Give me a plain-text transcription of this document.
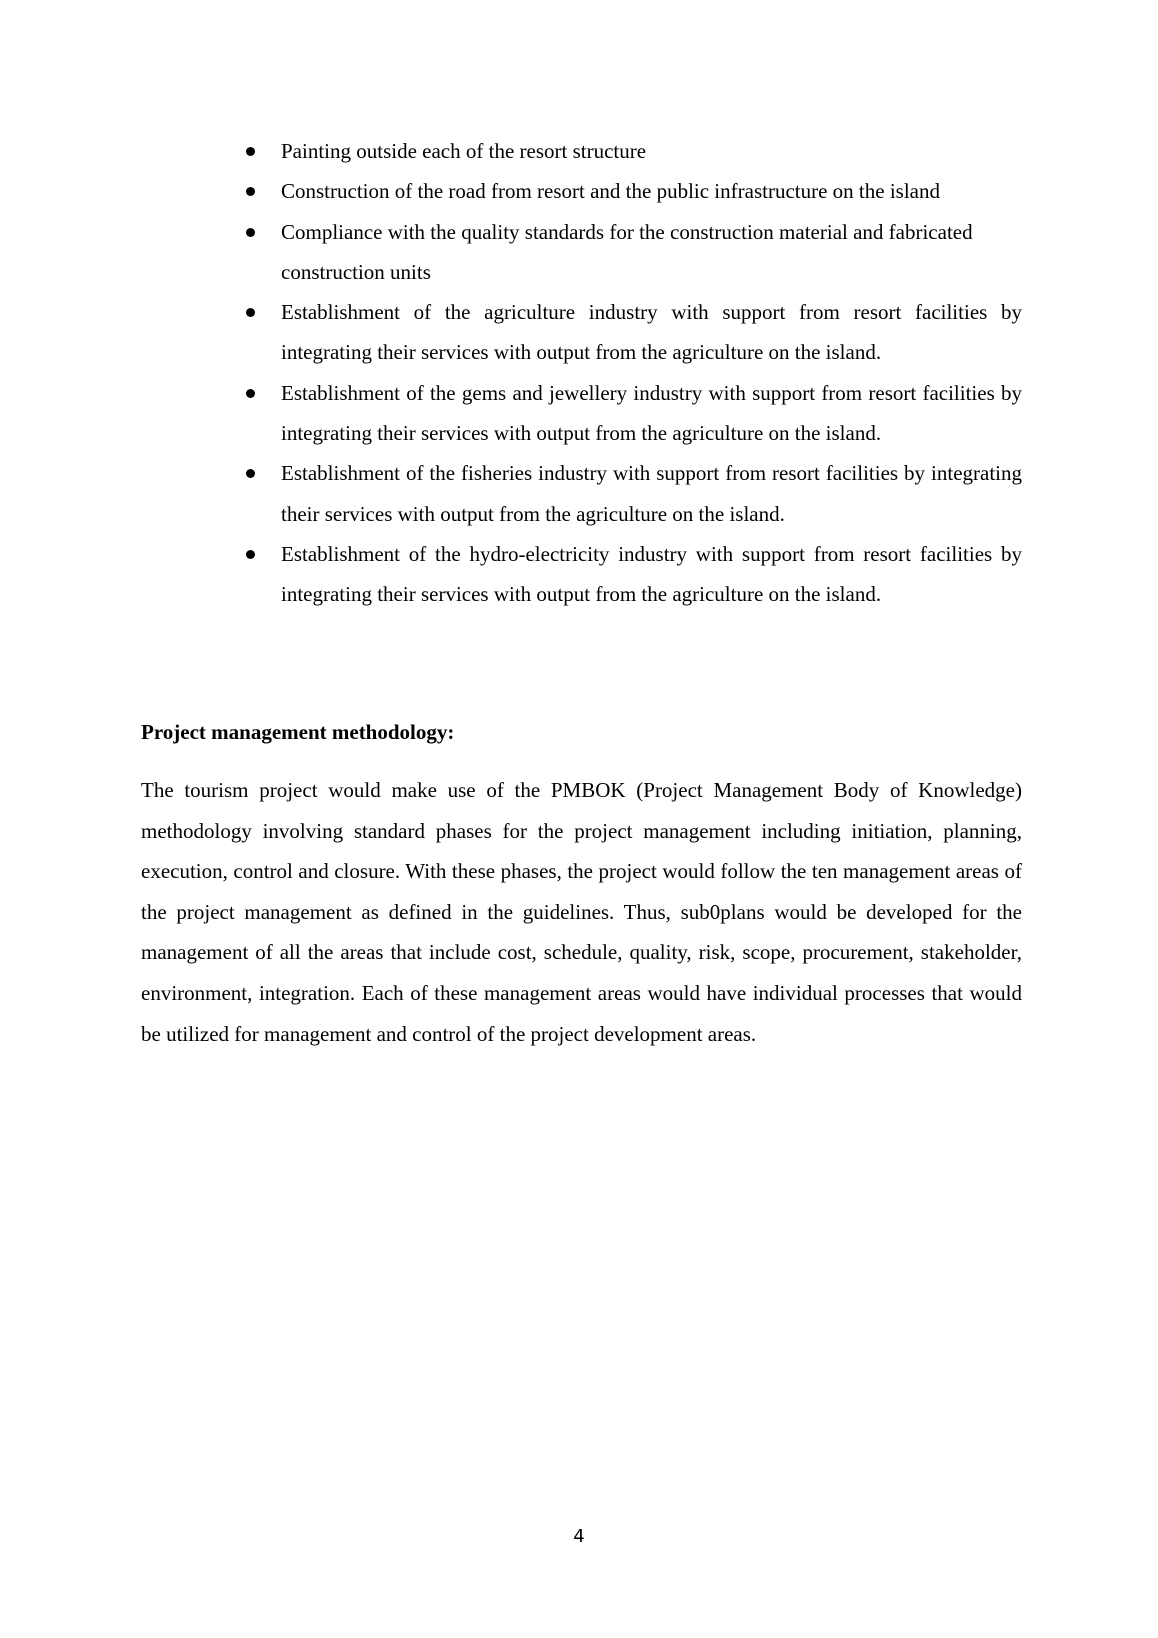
Painting outside each of the resort structure
Construction of the road from resort and the public infrastructure on the island
Compliance with the quality standards for the construction material and fabricated construction units
Establishment of the agriculture industry with support from resort facilities by integrating their services with output from the agriculture on the island.
Establishment of the gems and jewellery industry with support from resort facilities by integrating their services with output from the agriculture on the island.
Establishment of the fisheries industry with support from resort facilities by integrating their services with output from the agriculture on the island.
Establishment of the hydro-electricity industry with support from resort facilities by integrating their services with output from the agriculture on the island.
Project management methodology:

The tourism project would make use of the PMBOK (Project Management Body of Knowledge) methodology involving standard phases for the project management including initiation, planning, execution, control and closure. With these phases, the project would follow the ten management areas of the project management as defined in the guidelines. Thus, sub0plans would be developed for the management of all the areas that include cost, schedule, quality, risk, scope, procurement, stakeholder, environment, integration. Each of these management areas would have individual processes that would be utilized for management and control of the project development areas.

4
